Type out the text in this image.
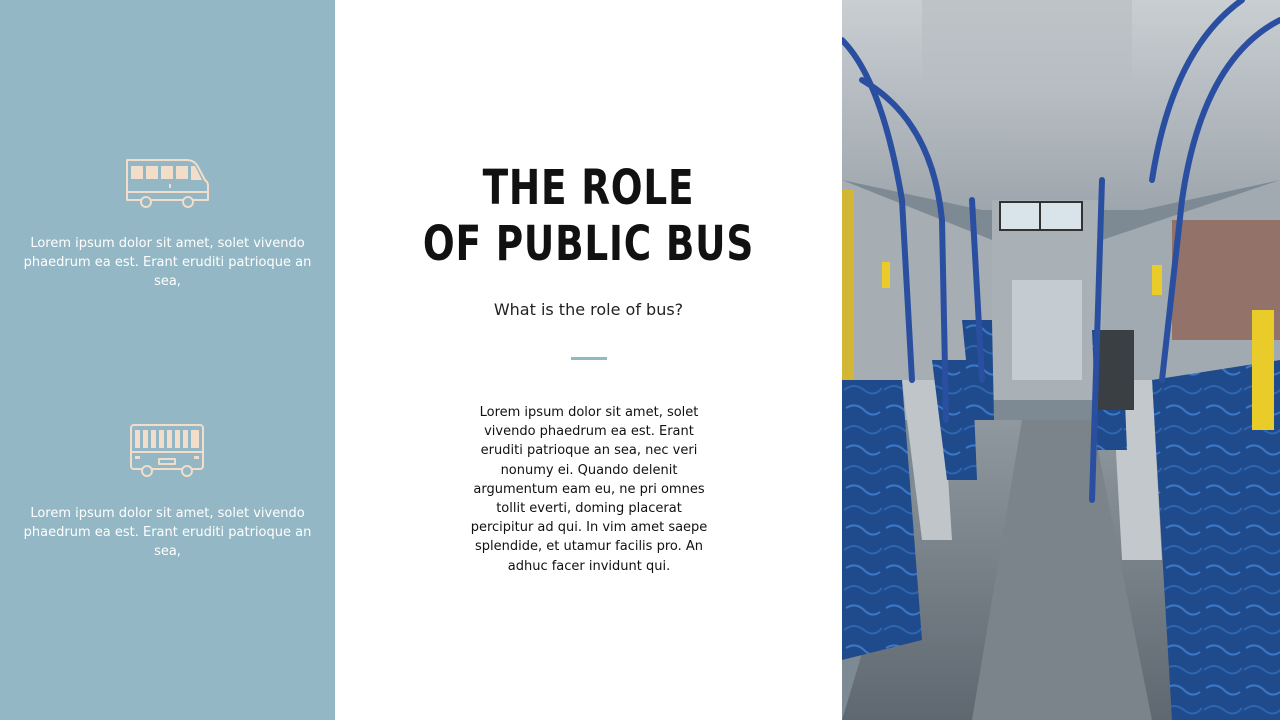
Lorem ipsum dolor sit amet, solet vivendo phaedrum ea est. Erant eruditi patrioque an sea,
Lorem ipsum dolor sit amet, solet vivendo phaedrum ea est. Erant eruditi patrioque an sea,
THE ROLE
OF PUBLIC BUS
What is the role of bus?
Lorem ipsum dolor sit amet, solet vivendo phaedrum ea est. Erant eruditi patrioque an sea, nec veri nonumy ei. Quando delenit argumentum eam eu, ne pri omnes tollit everti, doming placerat percipitur ad qui. In vim amet saepe splendide, et utamur facilis pro. An adhuc facer invidunt qui.
